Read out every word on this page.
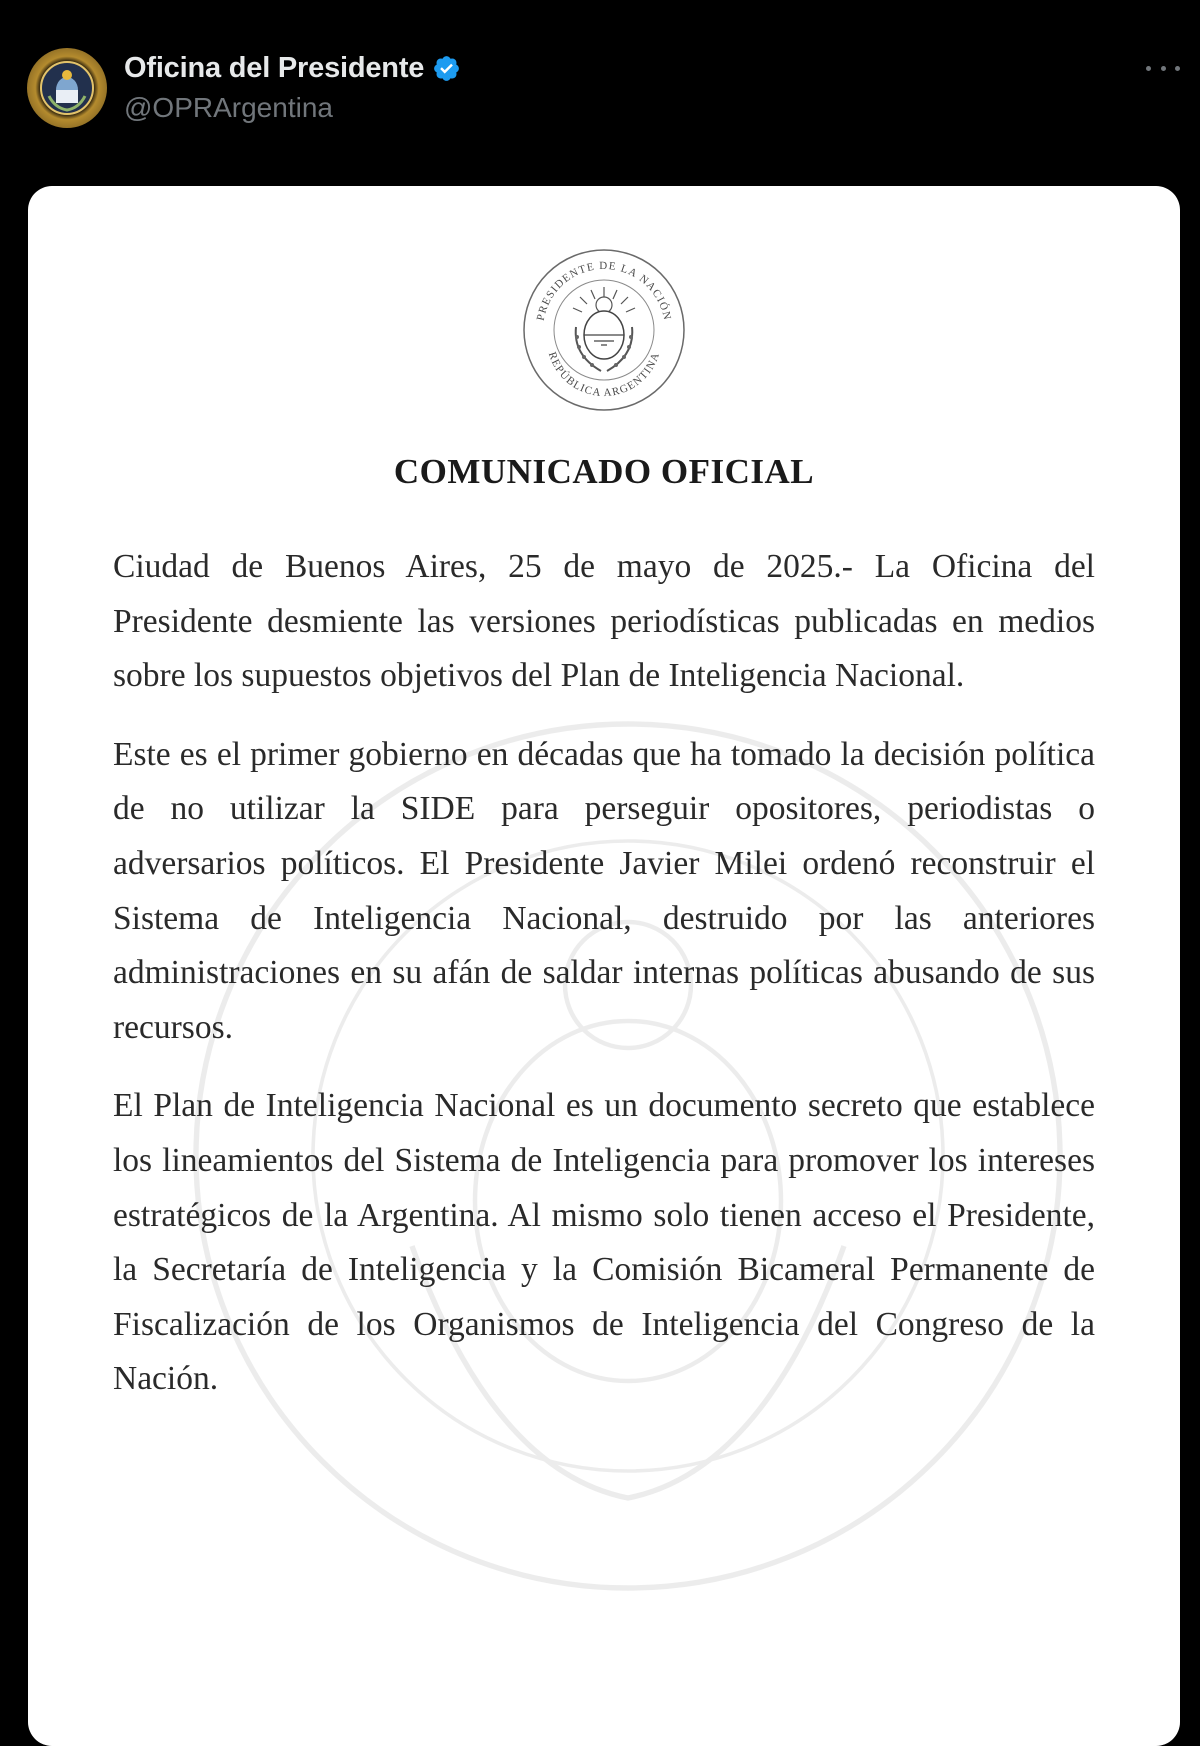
Oficina del Presidente
@OPRArgentina
PRESIDENTE DE LA NACIÓN
REPÚBLICA ARGENTINA
COMUNICADO OFICIAL

Ciudad de Buenos Aires, 25 de mayo de 2025.- La Oficina del Presidente desmiente las versiones periodísticas publicadas en medios sobre los supuestos objetivos del Plan de Inteligencia Nacional.

Este es el primer gobierno en décadas que ha tomado la decisión política de no utilizar la SIDE para perseguir opositores, periodistas o adversarios políticos. El Presidente Javier Milei ordenó reconstruir el Sistema de Inteligencia Nacional, destruido por las anteriores administraciones en su afán de saldar internas políticas abusando de sus recursos.

El Plan de Inteligencia Nacional es un documento secreto que establece los lineamientos del Sistema de Inteligencia para promover los intereses estratégicos de la Argentina. Al mismo solo tienen acceso el Presidente, la Secretaría de Inteligencia y la Comisión Bicameral Permanente de Fiscalización de los Organismos de Inteligencia del Congreso de la Nación.
